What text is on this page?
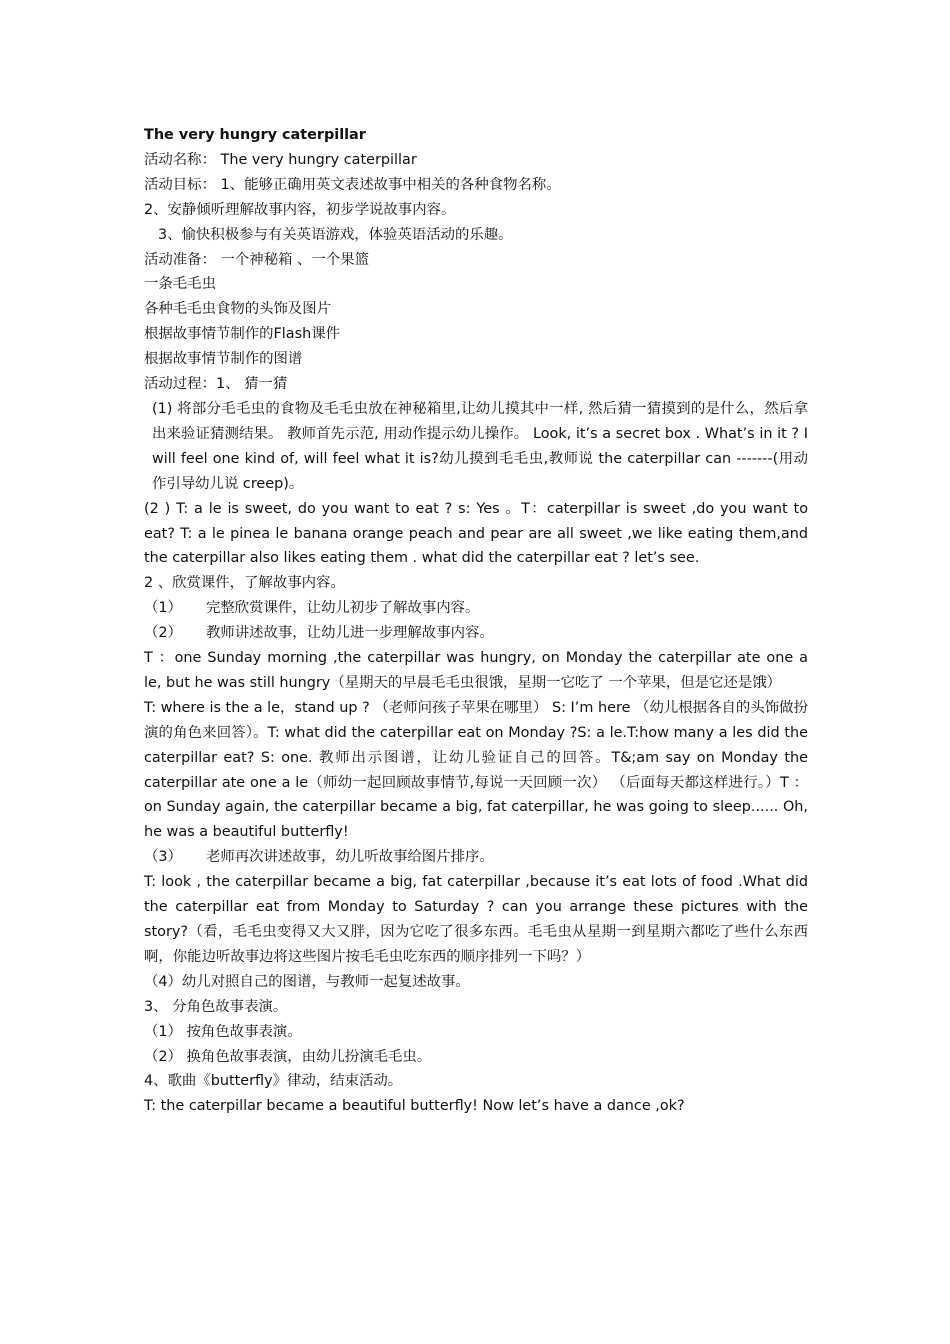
The very hungry caterpillar
活动名称： The very hungry caterpillar
活动目标： 1、能够正确用英文表述故事中相关的各种食物名称。
2、安静倾听理解故事内容，初步学说故事内容。
3、愉快积极参与有关英语游戏，体验英语活动的乐趣。
活动准备： 一个神秘箱 、一个果篮
一条毛毛虫
各种毛毛虫食物的头饰及图片
根据故事情节制作的Flash课件
根据故事情节制作的图谱
活动过程：1、 猜一猜
(1) 将部分毛毛虫的食物及毛毛虫放在神秘箱里,让幼儿摸其中一样, 然后猜一猜摸到的是什么，然后拿出来验证猜测结果。 教师首先示范, 用动作提示幼儿操作。 Look, it’s a secret box . What’s in it ? I will feel one kind of, will feel what it is?幼儿摸到毛毛虫,教师说 the caterpillar can -------(用动作引导幼儿说 creep)。
(2 ) T: a le is sweet, do you want to eat ? s: Yes 。T：caterpillar is sweet ,do you want to eat? T: a le pinea le banana orange peach and pear are all sweet ,we like eating them,and the caterpillar also likes eating them . what did the caterpillar eat ? let’s see.
2 、欣赏课件，了解故事内容。
（1） 完整欣赏课件，让幼儿初步了解故事内容。
（2） 教师讲述故事，让幼儿进一步理解故事内容。
T ：one Sunday morning ,the caterpillar was hungry, on Monday the caterpillar ate one a le, but he was still hungry（星期天的早晨毛毛虫很饿，星期一它吃了 一个苹果，但是它还是饿）
T: where is the a le，stand up ? （老师问孩子苹果在哪里） S: I’m here （幼儿根据各自的头饰做扮演的角色来回答）。T: what did the caterpillar eat on Monday ?S: a le.T:how many a les did the caterpillar eat? S: one. 教师出示图谱，让幼儿验证自己的回答。T&;am say on Monday the caterpillar ate one a le（师幼一起回顾故事情节,每说一天回顾一次） （后面每天都这样进行。）T ：on Sunday again, the caterpillar became a big, fat caterpillar, he was going to sleep...... Oh, he was a beautiful butterfly!
（3） 老师再次讲述故事，幼儿听故事给图片排序。
T: look , the caterpillar became a big, fat caterpillar ,because it’s eat lots of food .What did the caterpillar eat from Monday to Saturday ? can you arrange these pictures with the story?（看，毛毛虫变得又大又胖，因为它吃了很多东西。毛毛虫从星期一到星期六都吃了些什么东西啊，你能边听故事边将这些图片按毛毛虫吃东西的顺序排列一下吗？）
（4）幼儿对照自己的图谱，与教师一起复述故事。
3、 分角色故事表演。
（1） 按角色故事表演。
（2） 换角色故事表演，由幼儿扮演毛毛虫。
4、歌曲《butterfly》律动，结束活动。
T: the caterpillar became a beautiful butterfly! Now let’s have a dance ,ok?
